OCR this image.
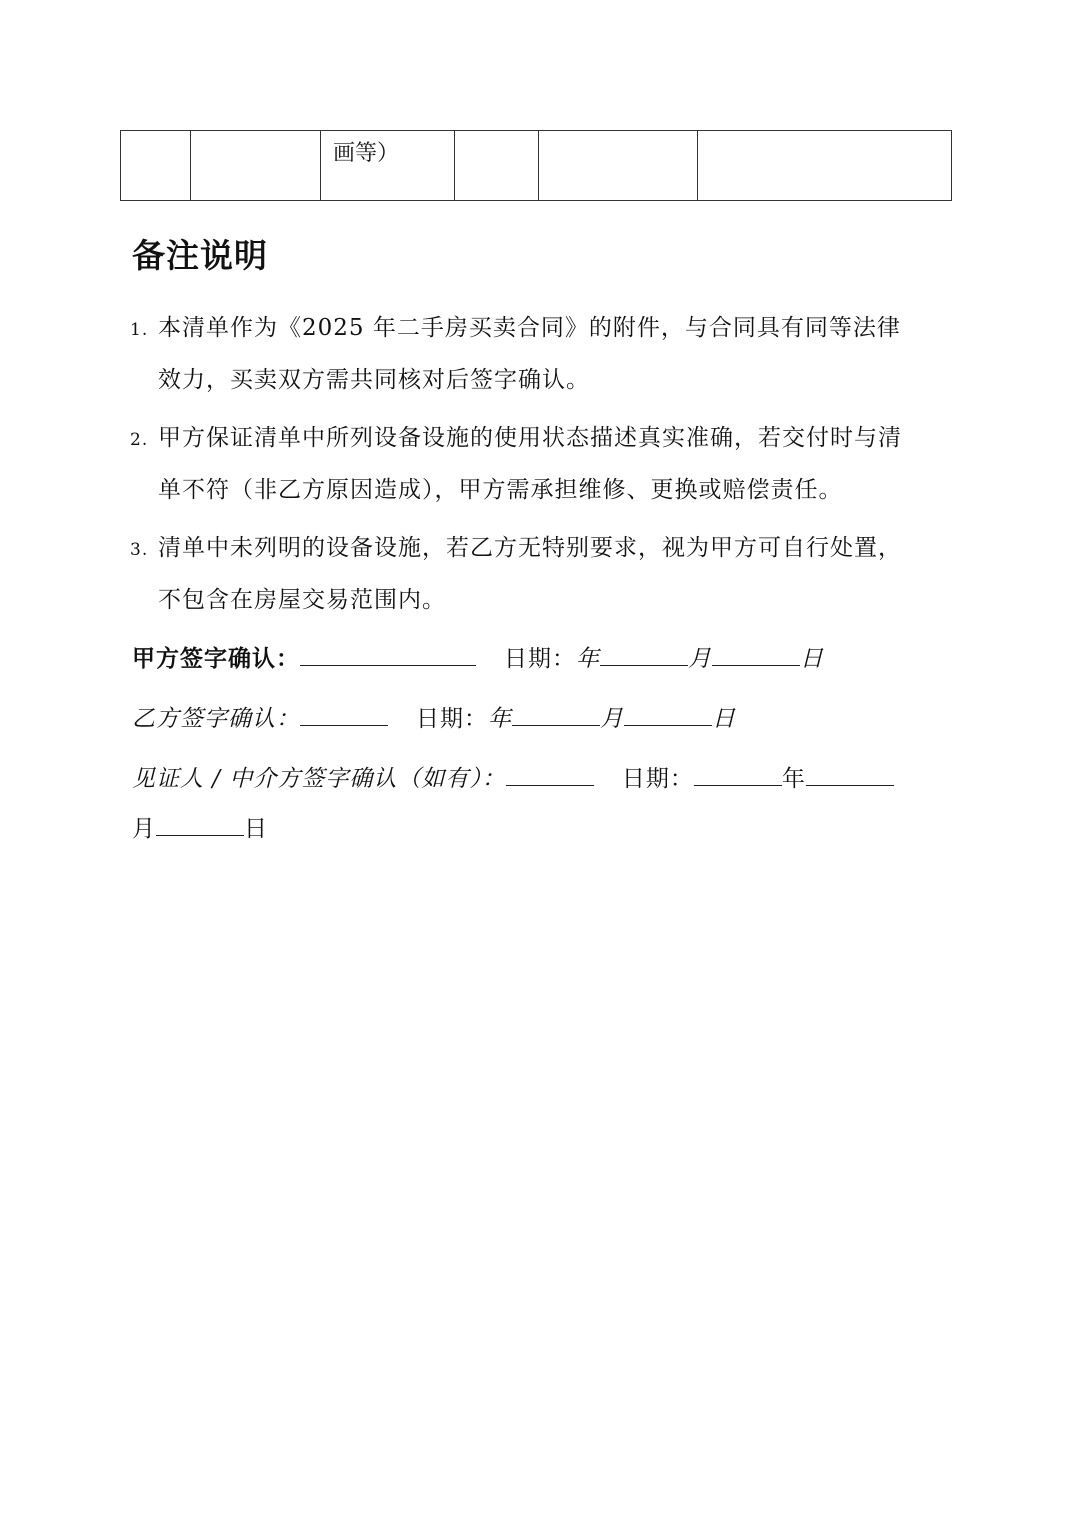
画等）

备注说明
1. 本清单作为《2025 年二手房买卖合同》的附件，与合同具有同等法律
效力，买卖双方需共同核对后签字确认。
2. 甲方保证清单中所列设备设施的使用状态描述真实准确，若交付时与清
单不符（非乙方原因造成），甲方需承担维修、更换或赔偿责任。
3. 清单中未列明的设备设施，若乙方无特别要求，视为甲方可自行处置，
不包含在房屋交易范围内。
甲方签字确认：	日期：年	月	日
乙方签字确认：	日期：年	月	日
见证人 / 中介方签字确认（如有）：	日期：	年
月	日
